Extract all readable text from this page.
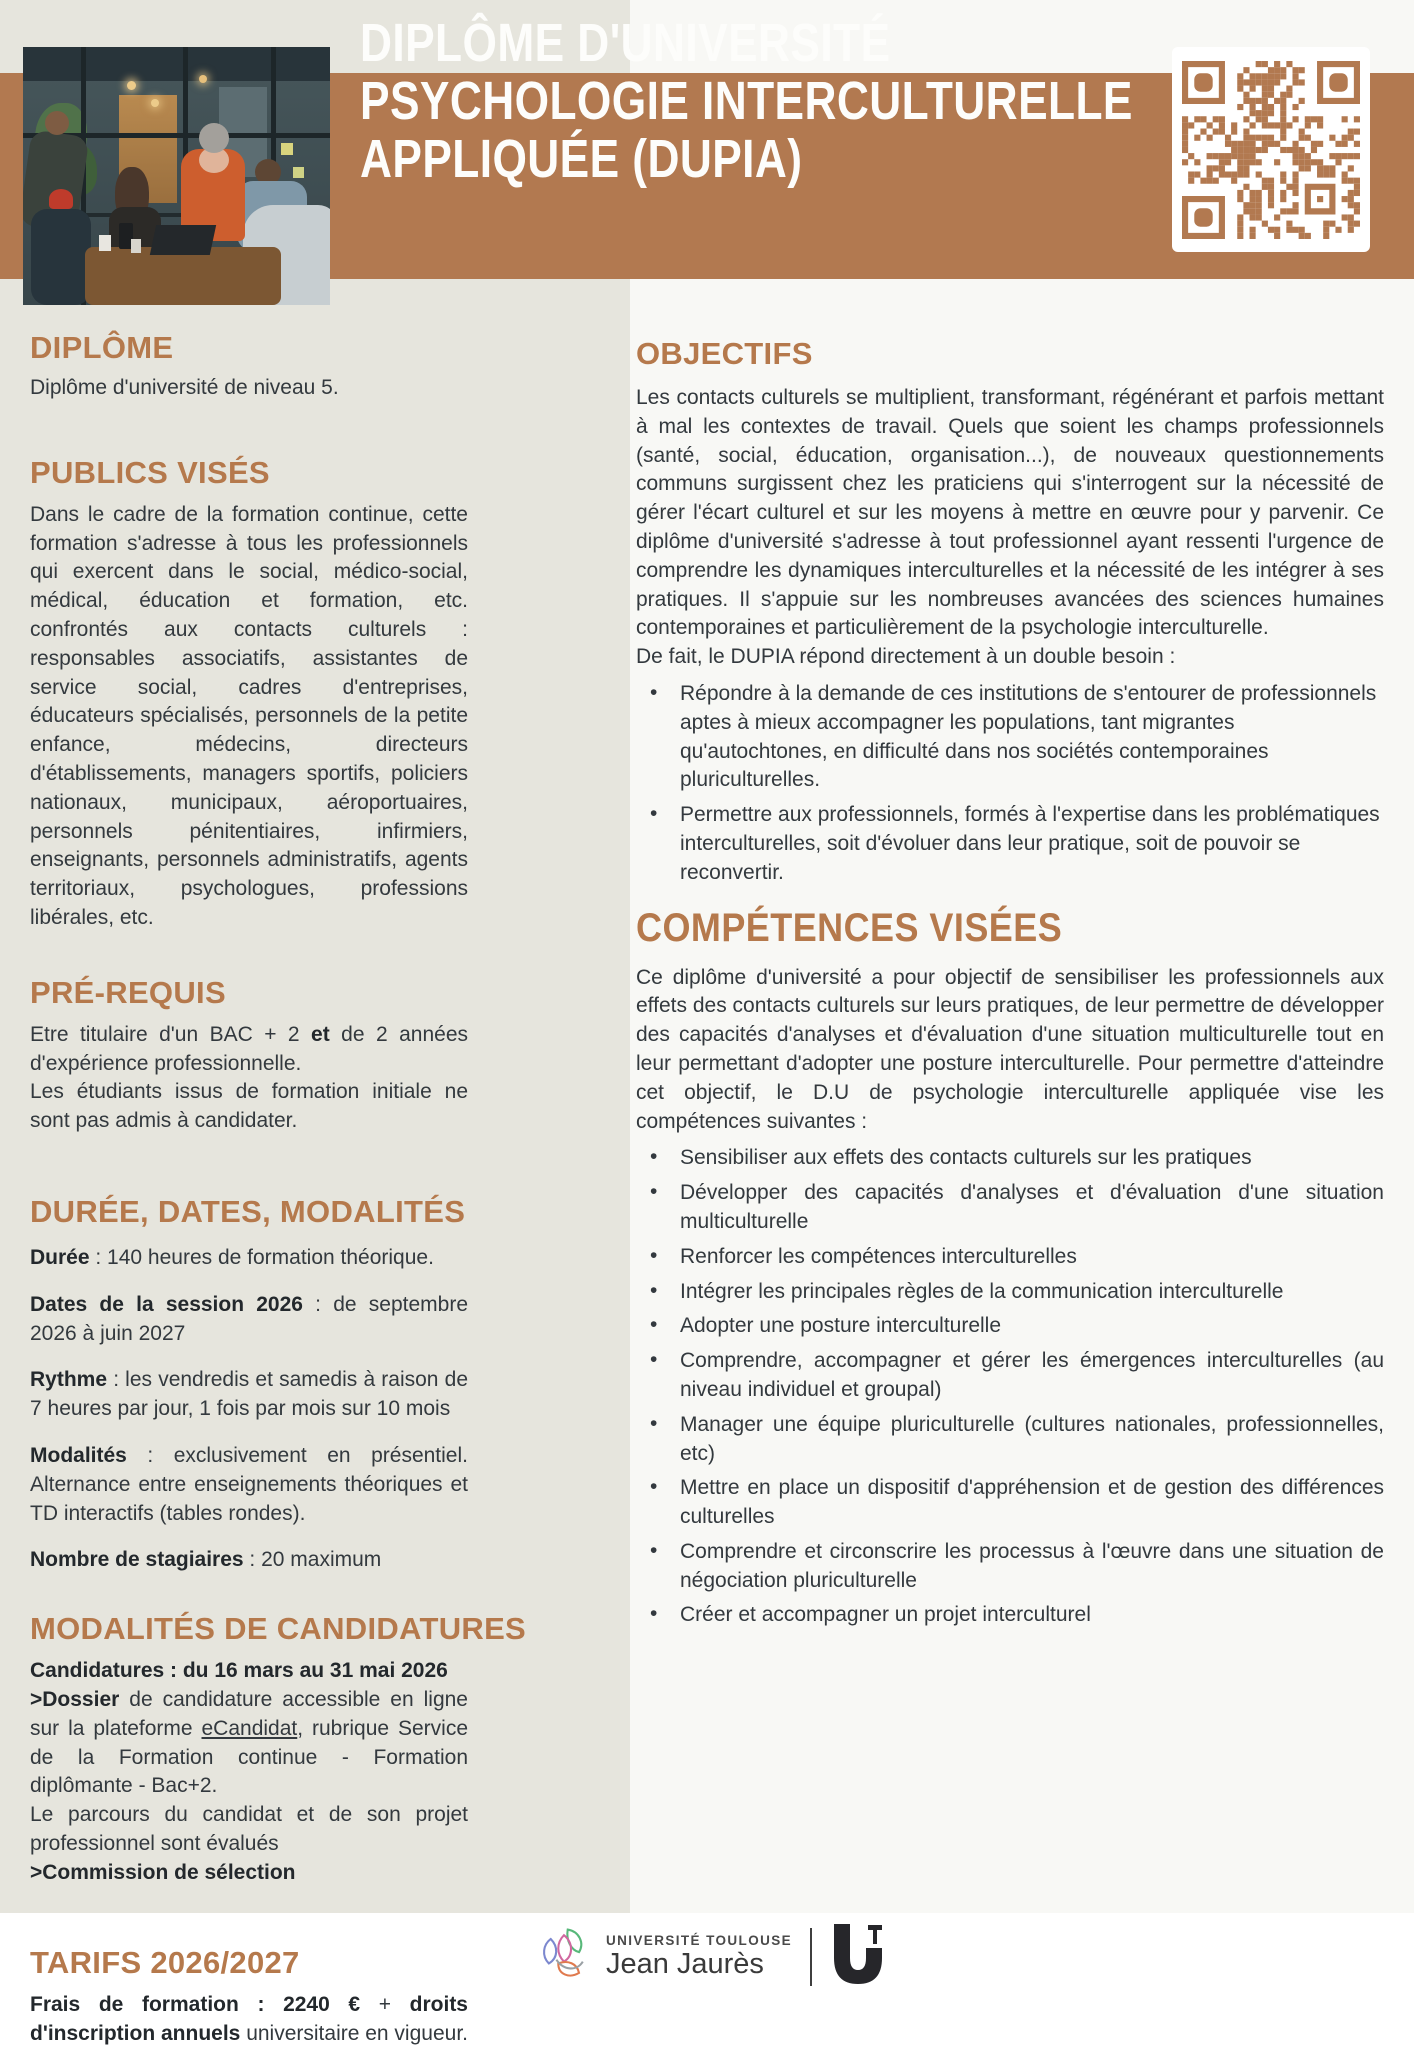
DIPLÔME D'UNIVERSITÉ
PSYCHOLOGIE INTERCULTURELLE
APPLIQUÉE (DUPIA)
DIPLÔME

Diplôme d'université de niveau 5.

PUBLICS VISÉS

Dans le cadre de la formation continue, cette formation s'adresse à tous les professionnels qui exercent dans le social, médico-social, médical, éducation et formation, etc. confrontés aux contacts culturels : responsables associatifs, assistantes de service social, cadres d'entreprises, éducateurs spécialisés, personnels de la petite enfance, médecins, directeurs d'établissements, managers sportifs, policiers nationaux, municipaux, aéroportuaires, personnels pénitentiaires, infirmiers, enseignants, personnels administratifs, agents territoriaux, psychologues, professions libérales, etc.

PRÉ-REQUIS

Etre titulaire d'un BAC + 2 et de 2 années d'expérience professionnelle.

Les étudiants issus de formation initiale ne sont pas admis à candidater.

DURÉE, DATES, MODALITÉS

Durée : 140 heures de formation théorique.

Dates de la session 2026 : de septembre 2026 à juin 2027

Rythme : les vendredis et samedis à raison de 7 heures par jour, 1 fois par mois sur 10 mois

Modalités : exclusivement en présentiel. Alternance entre enseignements théoriques et TD interactifs (tables rondes).

Nombre de stagiaires : 20 maximum

MODALITÉS DE CANDIDATURES

Candidatures : du 16 mars au 31 mai 2026

>Dossier de candidature accessible en ligne sur la plateforme eCandidat, rubrique Service de la Formation continue - Formation diplômante - Bac+2.

Le parcours du candidat et de son projet professionnel sont évalués

>Commission de sélection

TARIFS 2026/2027

Frais de formation : 2240 € + droits d'inscription annuels universitaire en vigueur.

OBJECTIFS

Les contacts culturels se multiplient, transformant, régénérant et parfois mettant à mal les contextes de travail. Quels que soient les champs professionnels (santé, social, éducation, organisation...), de nouveaux questionnements communs surgissent chez les praticiens qui s'interrogent sur la nécessité de gérer l'écart culturel et sur les moyens à mettre en œuvre pour y parvenir. Ce diplôme d'université s'adresse à tout professionnel ayant ressenti l'urgence de comprendre les dynamiques interculturelles et la nécessité de les intégrer à ses pratiques. Il s'appuie sur les nombreuses avancées des sciences humaines contemporaines et particulièrement de la psychologie interculturelle.

De fait, le DUPIA répond directement à un double besoin :

• Répondre à la demande de ces institutions de s'entourer de professionnels aptes à mieux accompagner les populations, tant migrantes qu'autochtones, en difficulté dans nos sociétés contemporaines pluriculturelles.
• Permettre aux professionnels, formés à l'expertise dans les problématiques interculturelles, soit d'évoluer dans leur pratique, soit de pouvoir se reconvertir.
COMPÉTENCES VISÉES

Ce diplôme d'université a pour objectif de sensibiliser les professionnels aux effets des contacts culturels sur leurs pratiques, de leur permettre de développer des capacités d'analyses et d'évaluation d'une situation multiculturelle tout en leur permettant d'adopter une posture interculturelle. Pour permettre d'atteindre cet objectif, le D.U de psychologie interculturelle appliquée vise les compétences suivantes :

• Sensibiliser aux effets des contacts culturels sur les pratiques
• Développer des capacités d'analyses et d'évaluation d'une situation multiculturelle
• Renforcer les compétences interculturelles
• Intégrer les principales règles de la communication interculturelle
• Adopter une posture interculturelle
• Comprendre, accompagner et gérer les émergences interculturelles (au niveau individuel et groupal)
• Manager une équipe pluriculturelle (cultures nationales, professionnelles, etc)
• Mettre en place un dispositif d'appréhension et de gestion des différences culturelles
• Comprendre et circonscrire les processus à l'œuvre dans une situation de négociation pluriculturelle
• Créer et accompagner un projet interculturel
UNIVERSITÉ TOULOUSE
Jean Jaurès
